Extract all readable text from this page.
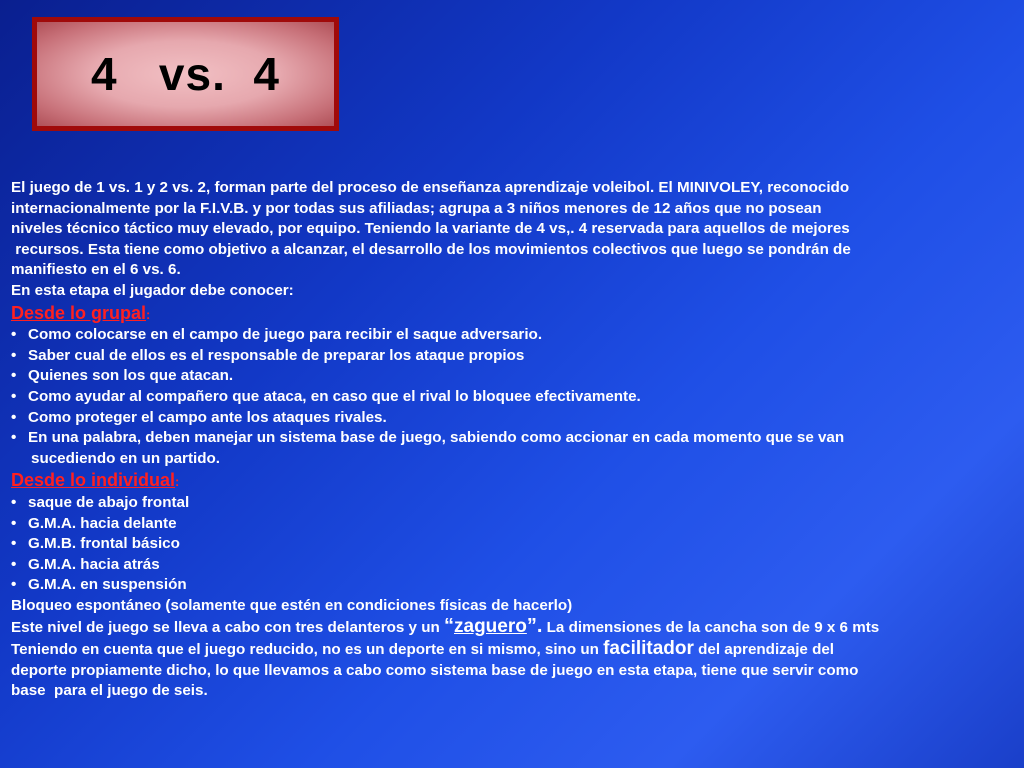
4   vs.  4
El juego de 1 vs. 1 y 2 vs. 2, forman parte del proceso de enseñanza aprendizaje voleibol. El MINIVOLEY, reconocido
internacionalmente por la F.I.V.B. y por todas sus afiliadas; agrupa a 3 niños menores de 12 años que no posean
niveles técnico táctico muy elevado, por equipo. Teniendo la variante de 4 vs,. 4 reservada para aquellos de mejores
recursos. Esta tiene como objetivo a alcanzar, el desarrollo de los movimientos colectivos que luego se pondrán de
manifiesto en el 6 vs. 6.
En esta etapa el jugador debe conocer:
Desde lo grupal:
• Como colocarse en el campo de juego para recibir el saque adversario.
• Saber cual de ellos es el responsable de preparar los ataque propios
• Quienes son los que atacan.
• Como ayudar al compañero que ataca, en caso que el rival lo bloquee efectivamente.
• Como proteger el campo ante los ataques rivales.
• En una palabra, deben manejar un sistema base de juego, sabiendo como accionar en cada momento que se van
sucediendo en un partido.
Desde lo individual:
• saque de abajo frontal
• G.M.A. hacia delante
• G.M.B. frontal básico
• G.M.A. hacia atrás
• G.M.A. en suspensión
Bloqueo espontáneo (solamente que estén en condiciones físicas de hacerlo)
Este nivel de juego se lleva a cabo con tres delanteros y un “zaguero”. La dimensiones de la cancha son de 9 x 6 mts
Teniendo en cuenta que el juego reducido, no es un deporte en si mismo, sino un facilitador del aprendizaje del
deporte propiamente dicho, lo que llevamos a cabo como sistema base de juego en esta etapa, tiene que servir como
base  para el juego de seis.
